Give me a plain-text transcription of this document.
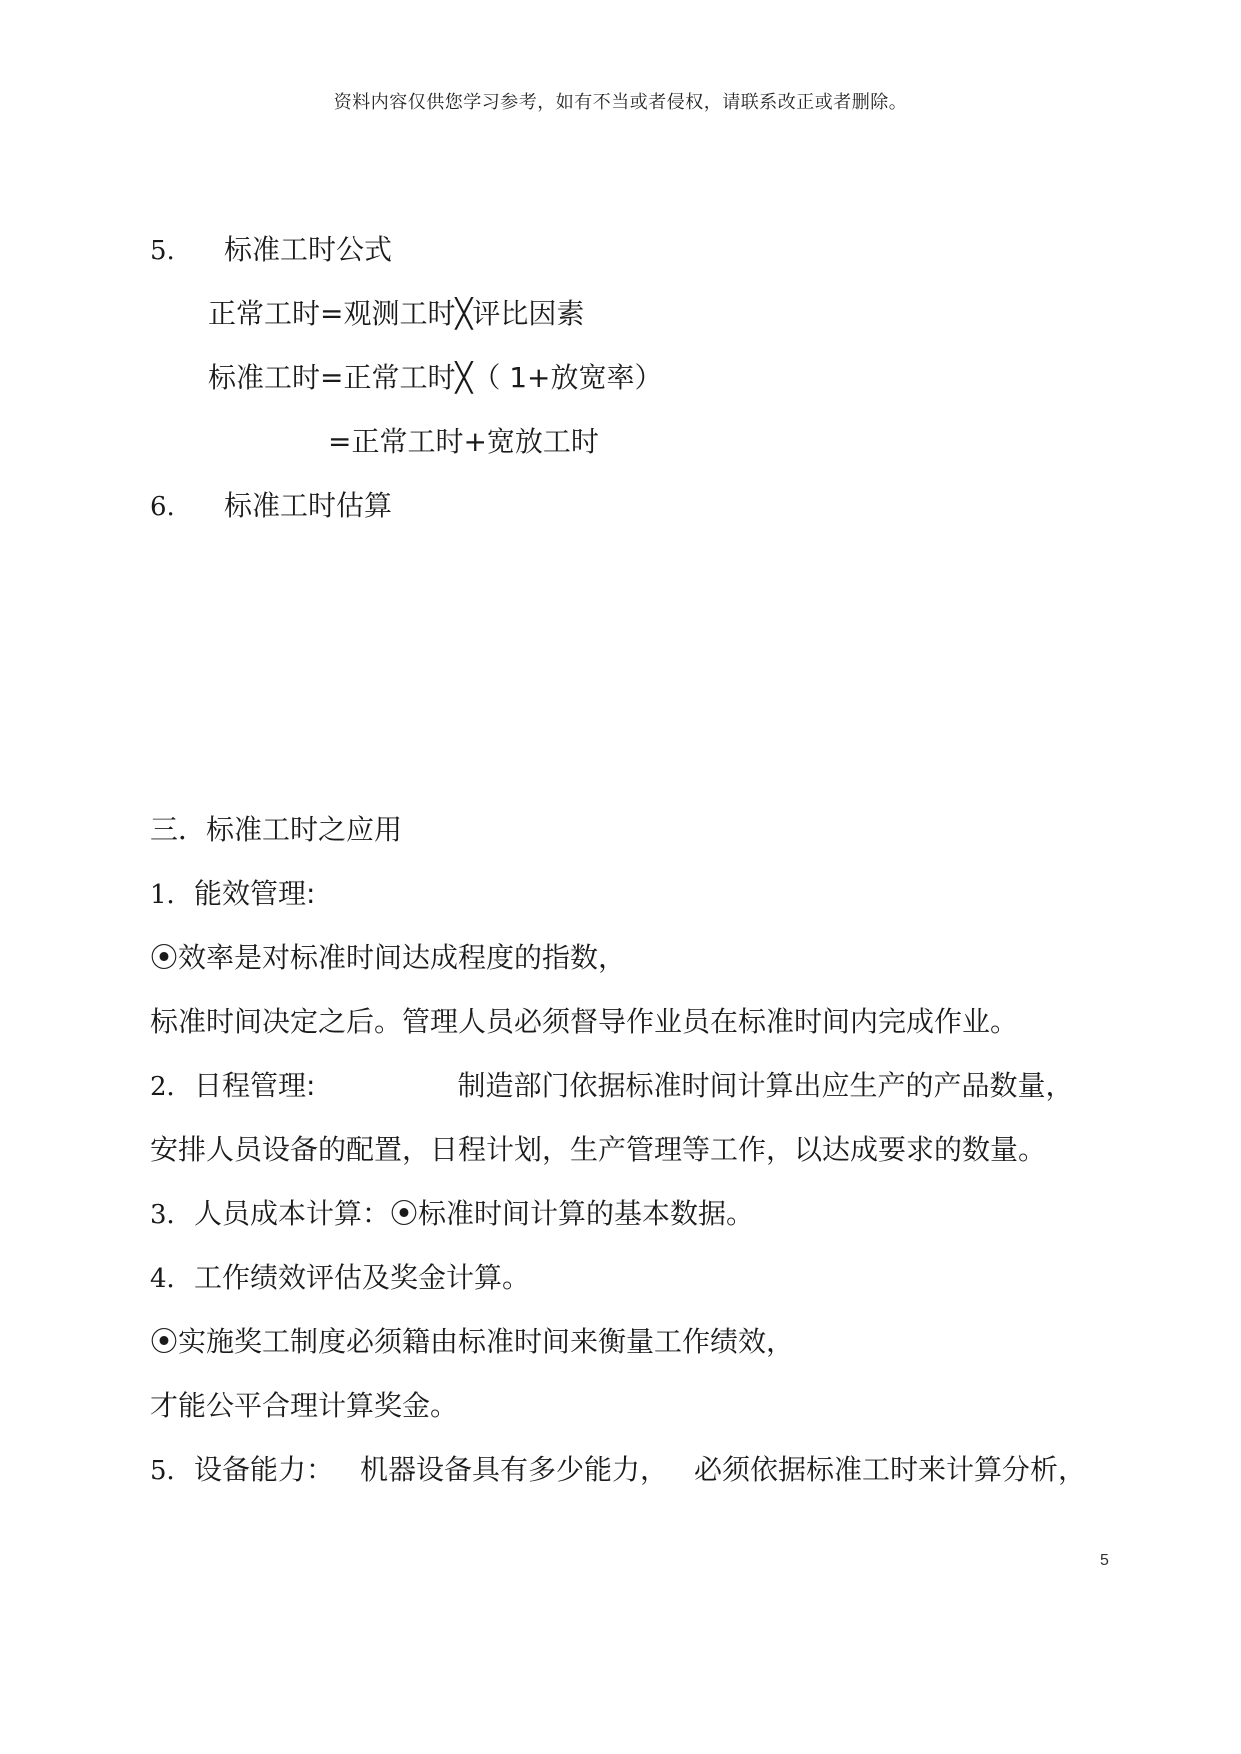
资料内容仅供您学习参考，如有不当或者侵权，请联系改正或者删除。
5. 标准工时公式
正常工时=观测工时╳评比因素
标准工时=正常工时╳（ 1+放宽率）
=正常工时+宽放工时
6. 标准工时估算
三．标准工时之应用
1．能效管理:
⦿效率是对标准时间达成程度的指数，
标准时间决定之后。管理人员必须督导作业员在标准时间内完成作业。
2．日程管理:	制造部门依据标准时间计算出应生产的产品数量，
安排人员设备的配置，日程计划，生产管理等工作，以达成要求的数量。
3．人员成本计算：⦿标准时间计算的基本数据。
4．工作绩效评估及奖金计算。
⦿实施奖工制度必须籍由标准时间来衡量工作绩效，
才能公平合理计算奖金。
5．设备能力： 机器设备具有多少能力， 必须依据标准工时来计算分析，
5
